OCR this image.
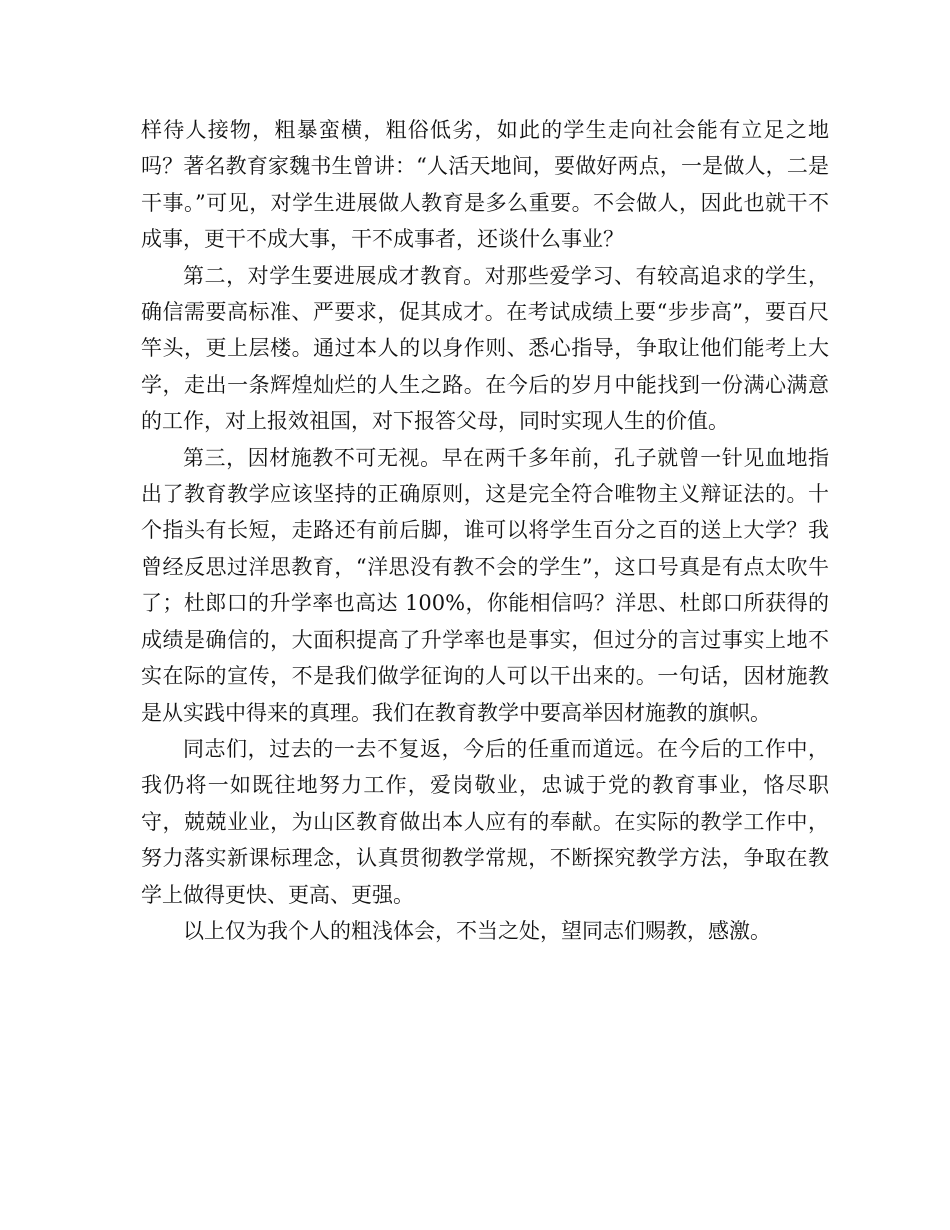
样待人接物，粗暴蛮横，粗俗低劣，如此的学生走向社会能有立足之地吗？著名教育家魏书生曾讲：“人活天地间，要做好两点，一是做人，二是干事。”可见，对学生进展做人教育是多么重要。不会做人，因此也就干不成事，更干不成大事，干不成事者，还谈什么事业？

第二，对学生要进展成才教育。对那些爱学习、有较高追求的学生，确信需要高标准、严要求，促其成才。在考试成绩上要“步步高”，要百尺竿头，更上层楼。通过本人的以身作则、悉心指导，争取让他们能考上大学，走出一条辉煌灿烂的人生之路。在今后的岁月中能找到一份满心满意的工作，对上报效祖国，对下报答父母，同时实现人生的价值。

第三，因材施教不可无视。早在两千多年前，孔子就曾一针见血地指出了教育教学应该坚持的正确原则，这是完全符合唯物主义辩证法的。十个指头有长短，走路还有前后脚，谁可以将学生百分之百的送上大学？我曾经反思过洋思教育，“洋思没有教不会的学生”，这口号真是有点太吹牛了；杜郎口的升学率也高达 100%，你能相信吗？洋思、杜郎口所获得的成绩是确信的，大面积提高了升学率也是事实，但过分的言过事实上地不实在际的宣传，不是我们做学征询的人可以干出来的。一句话，因材施教是从实践中得来的真理。我们在教育教学中要高举因材施教的旗帜。

同志们，过去的一去不复返，今后的任重而道远。在今后的工作中，我仍将一如既往地努力工作，爱岗敬业，忠诚于党的教育事业，恪尽职守，兢兢业业，为山区教育做出本人应有的奉献。在实际的教学工作中，努力落实新课标理念，认真贯彻教学常规，不断探究教学方法，争取在教学上做得更快、更高、更强。

以上仅为我个人的粗浅体会，不当之处，望同志们赐教，感激。
